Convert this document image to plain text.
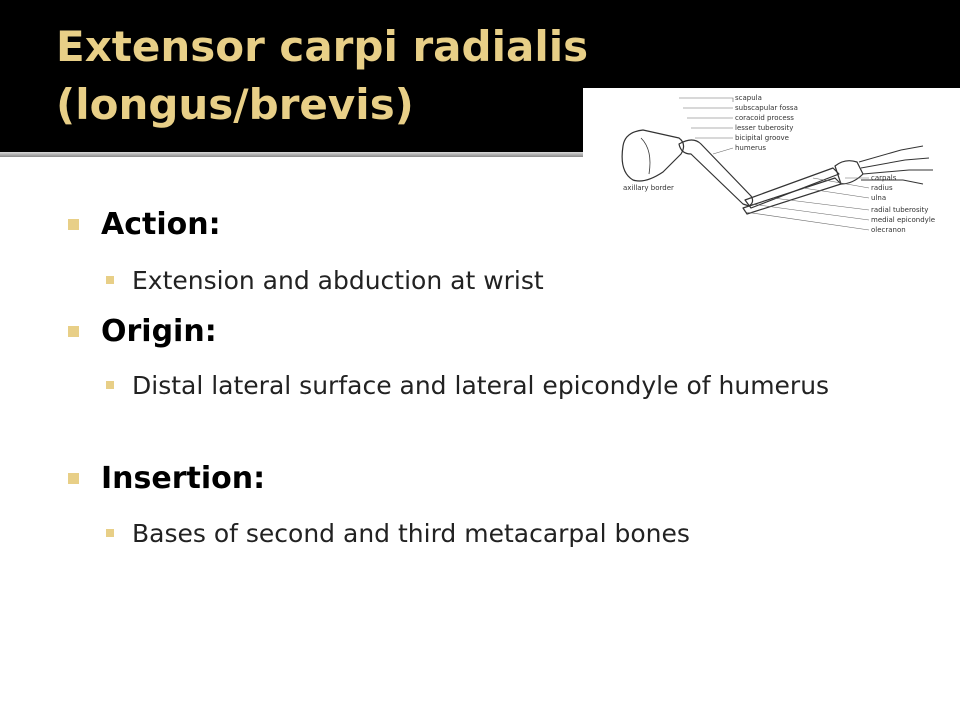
Extensor carpi radialis
(longus/brevis)
Action:
Extension and abduction at wrist
Origin:
Distal lateral surface and lateral epicondyle of humerus
Insertion:
Bases of second and third metacarpal bones
scapula
subscapular fossa
coracoid process
lesser tuberosity
bicipital groove
humerus
axillary border
carpals
radius
ulna
radial tuberosity
medial epicondyle
olecranon
